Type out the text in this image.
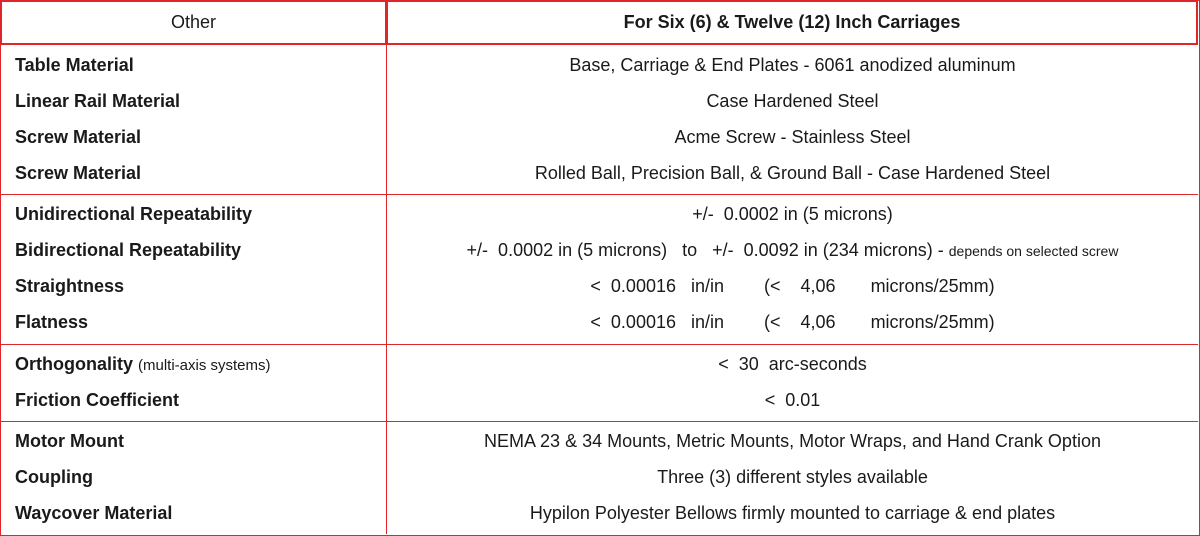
Other	For Six (6) & Twelve (12) Inch Carriages
Table Material	Base, Carriage & End Plates - 6061 anodized aluminum
Linear Rail Material	Case Hardened Steel
Screw Material	Acme Screw - Stainless Steel
Screw Material	Rolled Ball, Precision Ball, & Ground Ball - Case Hardened Steel
Unidirectional Repeatability	+/-  0.0002 in (5 microns)
Bidirectional Repeatability	+/-  0.0002 in (5 microns)   to   +/-  0.0092 in (234 microns) - depends on selected screw
Straightness	<  0.00016   in/in        (<    4,06       microns/25mm)
Flatness	<  0.00016   in/in        (<    4,06       microns/25mm)
Orthogonality (multi-axis systems)	<  30  arc-seconds
Friction Coefficient	<  0.01
Motor Mount	NEMA 23 & 34 Mounts, Metric Mounts, Motor Wraps, and Hand Crank Option
Coupling	Three (3) different styles available
Waycover Material	Hypilon Polyester Bellows firmly mounted to carriage & end plates
